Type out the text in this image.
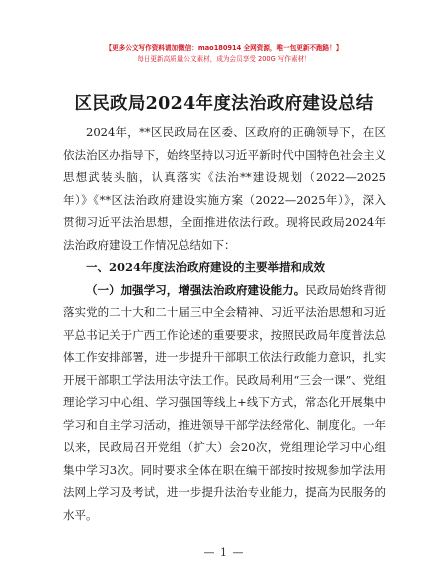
【更多公文写作资料请加微信：mao180914 全网资源，唯一包更新不跑路！】
每日更新高质量公文素材，成为会员享受 200G 写作素材！
区民政局2024年度法治政府建设总结

2024年，**区民政局在区委、区政府的正确领导下，在区依法治区办指导下，始终坚持以习近平新时代中国特色社会主义思想武装头脑，认真落实《法治**建设规划（2022—2025年）》《**区法治政府建设实施方案（2022—2025年）》，深入贯彻习近平法治思想，全面推进依法行政。现将民政局2024年法治政府建设工作情况总结如下：

一、2024年度法治政府建设的主要举措和成效

（一）加强学习，增强法治政府建设能力。民政局始终背彻落实党的二十大和二十届三中全会精神、习近平法治思想和习近平总书记关于广西工作论述的重要要求，按照民政局年度普法总体工作安排部署，进一步提升干部职工依法行政能力意识，扎实开展干部职工学法用法守法工作。民政局利用“三会一课”、党组理论学习中心组、学习强国等线上+线下方式，常态化开展集中学习和自主学习活动，推进领导干部学法经常化、制度化。一年以来，民政局召开党组（扩大）会20次，党组理论学习中心组集中学习3次。同时要求全体在职在编干部按时按规参加学法用法网上学习及考试，进一步提升法治专业能力，提高为民服务的水平。

— 1 —
